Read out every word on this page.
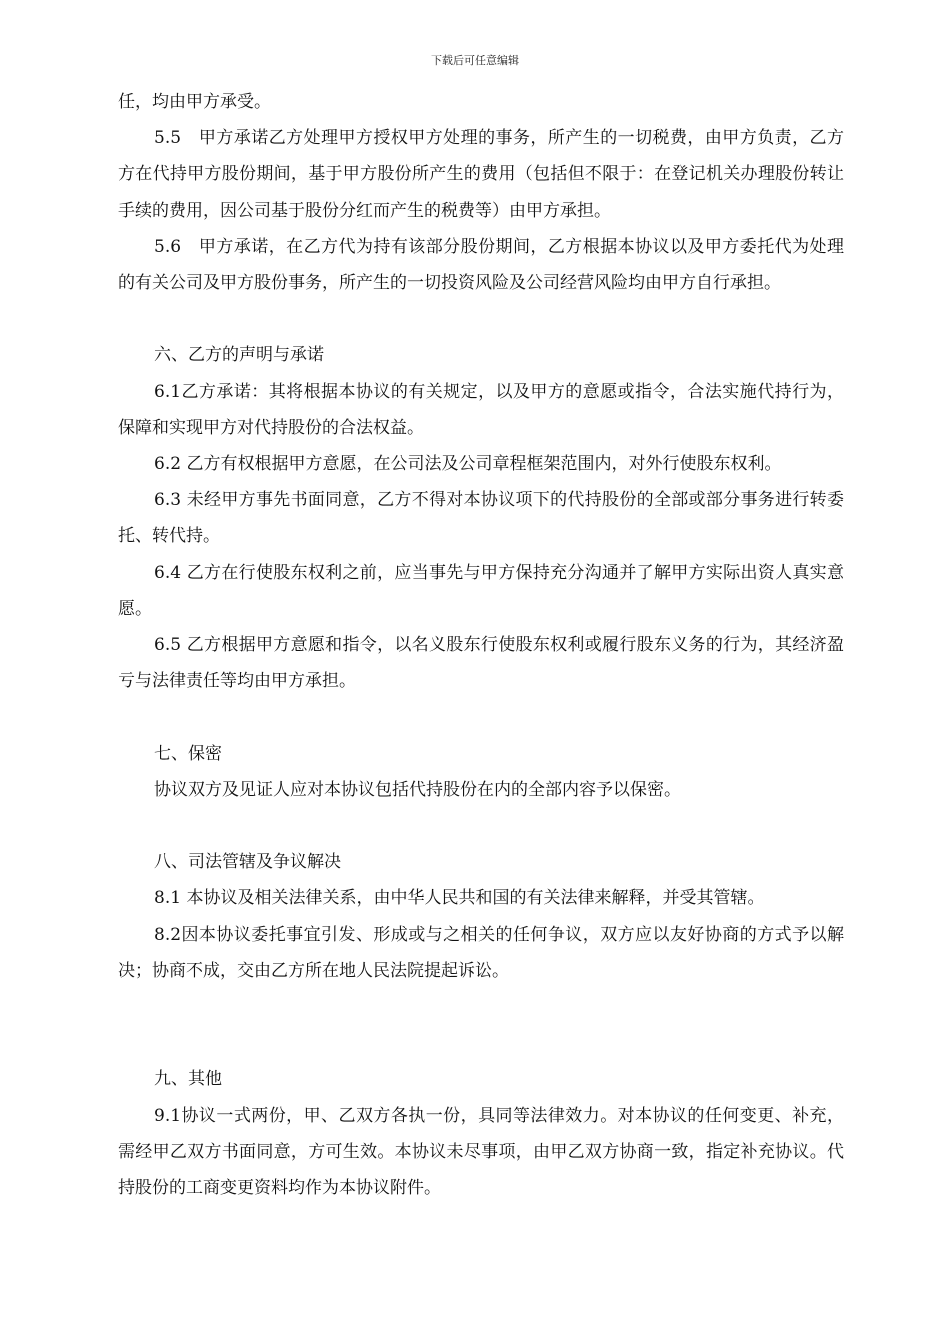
下载后可任意编辑

任，均由甲方承受。

5.5　甲方承诺乙方处理甲方授权甲方处理的事务，所产生的一切税费，由甲方负责，乙方方在代持甲方股份期间，基于甲方股份所产生的费用（包括但不限于：在登记机关办理股份转让手续的费用，因公司基于股份分红而产生的税费等）由甲方承担。

5.6　甲方承诺，在乙方代为持有该部分股份期间，乙方根据本协议以及甲方委托代为处理的有关公司及甲方股份事务，所产生的一切投资风险及公司经营风险均由甲方自行承担。

六、乙方的声明与承诺

6.1乙方承诺：其将根据本协议的有关规定，以及甲方的意愿或指令，合法实施代持行为，保障和实现甲方对代持股份的合法权益。

6.2 乙方有权根据甲方意愿，在公司法及公司章程框架范围内，对外行使股东权利。

6.3 未经甲方事先书面同意，乙方不得对本协议项下的代持股份的全部或部分事务进行转委托、转代持。

6.4 乙方在行使股东权利之前，应当事先与甲方保持充分沟通并了解甲方实际出资人真实意愿。

6.5 乙方根据甲方意愿和指令，以名义股东行使股东权利或履行股东义务的行为，其经济盈亏与法律责任等均由甲方承担。

七、保密

协议双方及见证人应对本协议包括代持股份在内的全部内容予以保密。

八、司法管辖及争议解决

8.1 本协议及相关法律关系，由中华人民共和国的有关法律来解释，并受其管辖。

8.2因本协议委托事宜引发、形成或与之相关的任何争议，双方应以友好协商的方式予以解决；协商不成，交由乙方所在地人民法院提起诉讼。

九、其他

9.1协议一式两份，甲、乙双方各执一份，具同等法律效力。对本协议的任何变更、补充，需经甲乙双方书面同意，方可生效。本协议未尽事项，由甲乙双方协商一致，指定补充协议。代持股份的工商变更资料均作为本协议附件。
